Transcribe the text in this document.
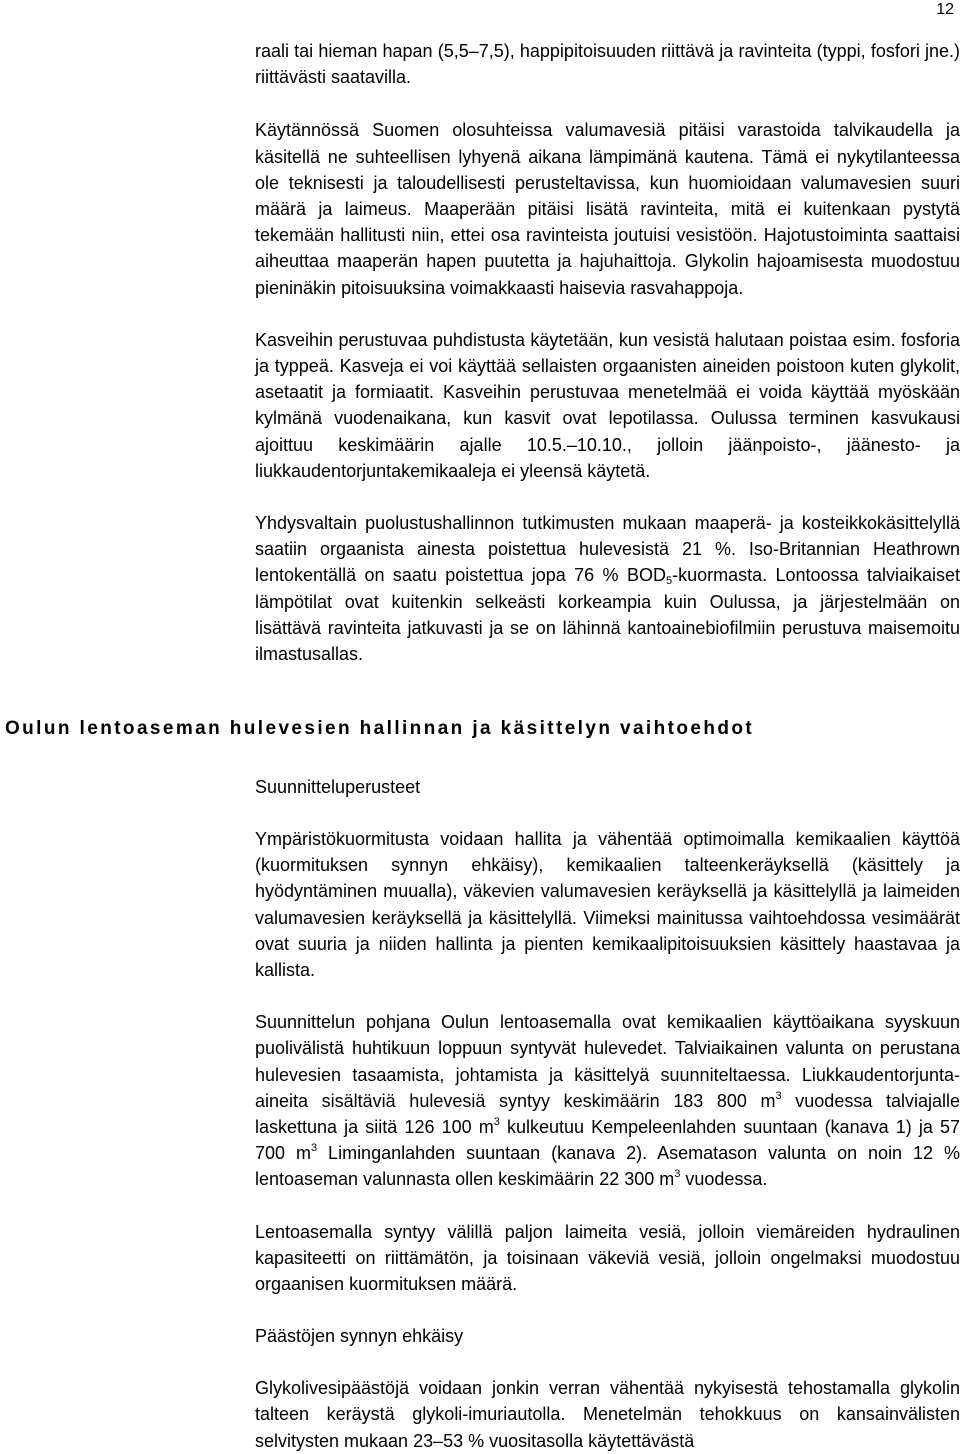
12

raali tai hieman hapan (5,5–7,5), happipitoisuuden riittävä ja ravinteita (typpi, fosfori jne.) riittävästi saatavilla.

Käytännössä Suomen olosuhteissa valumavesiä pitäisi varastoida talvikaudella ja käsitellä ne suhteellisen lyhyenä aikana lämpimänä kautena. Tämä ei nykytilanteessa ole teknisesti ja taloudellisesti perusteltavissa, kun huomioidaan valumavesien suuri määrä ja laimeus. Maaperään pitäisi lisätä ravinteita, mitä ei kuitenkaan pystytä tekemään hallitusti niin, ettei osa ravinteista joutuisi vesistöön. Hajotustoiminta saattaisi aiheuttaa maaperän hapen puutetta ja hajuhaittoja. Glykolin hajoamisesta muodostuu pieninäkin pitoisuuksina voimakkaasti haisevia rasvahappoja.

Kasveihin perustuvaa puhdistusta käytetään, kun vesistä halutaan poistaa esim. fosforia ja typpeä. Kasveja ei voi käyttää sellaisten orgaanisten aineiden poistoon kuten glykolit, asetaatit ja formiaatit. Kasveihin perustuvaa menetelmää ei voida käyttää myöskään kylmänä vuodenaikana, kun kasvit ovat lepotilassa. Oulussa terminen kasvukausi ajoittuu keskimäärin ajalle 10.5.–10.10., jolloin jäänpoisto-, jäänesto- ja liukkaudentorjuntakemikaaleja ei yleensä käytetä.

Yhdysvaltain puolustushallinnon tutkimusten mukaan maaperä- ja kosteikkokäsittelyllä saatiin orgaanista ainesta poistettua hulevesistä 21 %. Iso-Britannian Heathrown lentokentällä on saatu poistettua jopa 76 % $BOD_5$-kuormasta. Lontoossa talviaikaiset lämpötilat ovat kuitenkin selkeästi korkeampia kuin Oulussa, ja järjestelmään on lisättävä ravinteita jatkuvasti ja se on lähinnä kantoainebiofilmiin perustuva maisemoitu ilmastusallas.

Oulun lentoaseman hulevesien hallinnan ja käsittelyn vaihtoehdot
Suunnitteluperusteet

Ympäristökuormitusta voidaan hallita ja vähentää optimoimalla kemikaalien käyttöä (kuormituksen synnyn ehkäisy), kemikaalien talteenkeräyksellä (käsittely ja hyödyntäminen muualla), väkevien valumavesien keräyksellä ja käsittelyllä ja laimeiden valumavesien keräyksellä ja käsittelyllä. Viimeksi mainitussa vaihtoehdossa vesimäärät ovat suuria ja niiden hallinta ja pienten kemikaalipitoisuuksien käsittely haastavaa ja kallista.

Suunnittelun pohjana Oulun lentoasemalla ovat kemikaalien käyttöaikana syyskuun puolivälistä huhtikuun loppuun syntyvät hulevedet. Talviaikainen valunta on perustana hulevesien tasaamista, johtamista ja käsittelyä suunniteltaessa. Liukkaudentorjunta-aineita sisältäviä hulevesiä syntyy keskimäärin 183 800 $m^3$ vuodessa talviajalle laskettuna ja siitä 126 100 $m^3$ kulkeutuu Kempeleenlahden suuntaan (kanava 1) ja 57 700 $m^3$ Liminganlahden suuntaan (kanava 2). Asematason valunta on noin 12 % lentoaseman valunnasta ollen keskimäärin 22 300 $m^3$ vuodessa.

Lentoasemalla syntyy välillä paljon laimeita vesiä, jolloin viemäreiden hydraulinen kapasiteetti on riittämätön, ja toisinaan väkeviä vesiä, jolloin ongelmaksi muodostuu orgaanisen kuormituksen määrä.

Päästöjen synnyn ehkäisy

Glykolivesipäästöjä voidaan jonkin verran vähentää nykyisestä tehostamalla glykolin talteen keräystä glykoli-imuriautolla. Menetelmän tehokkuus on kansainvälisten selvitysten mukaan 23–53 % vuositasolla käytettävästä
